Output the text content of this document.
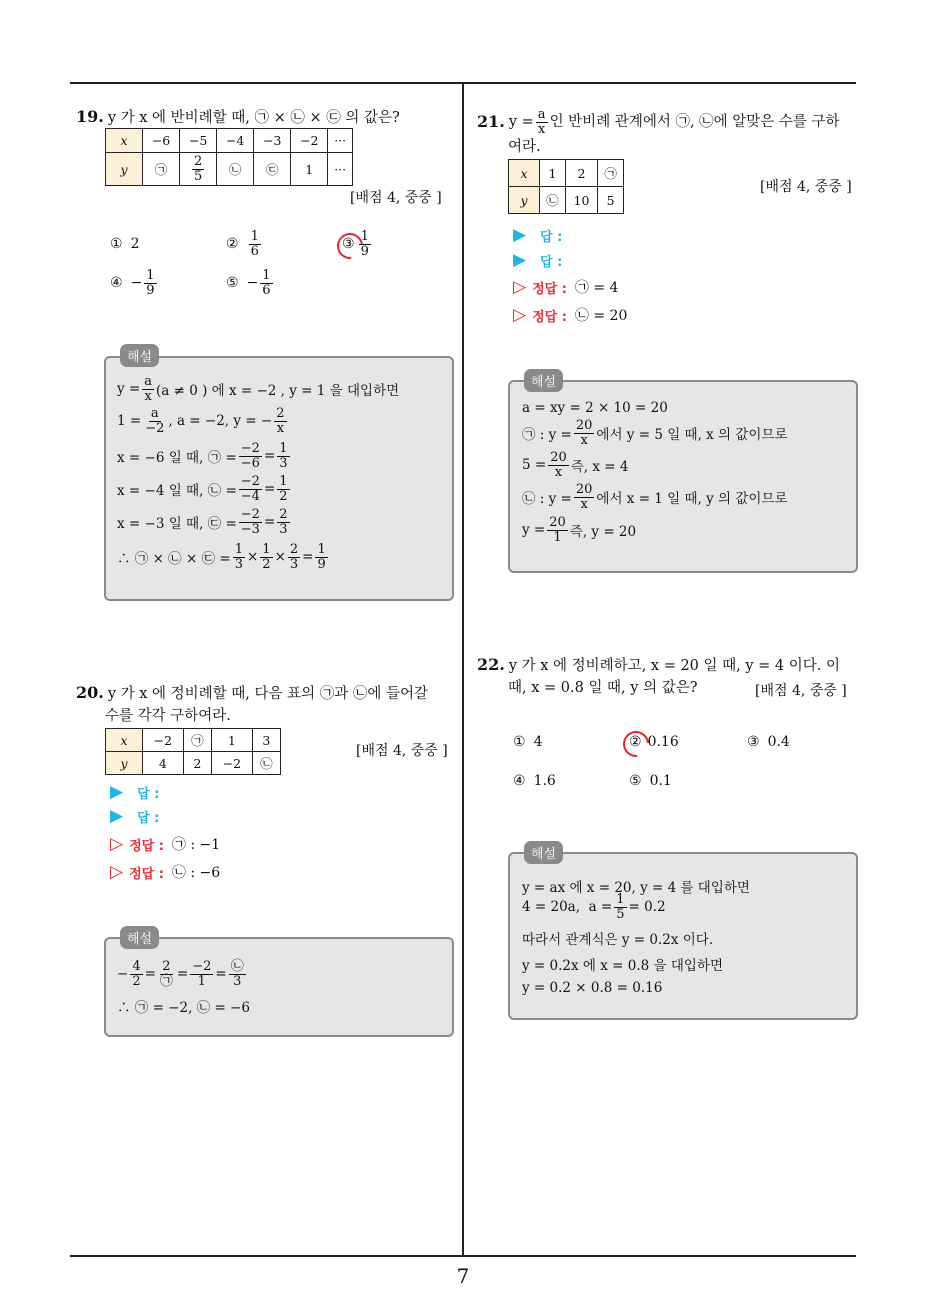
7
19. y 가 x 에 반비례할 때, ㉠ × ㉡ × ㉢ 의 값은?
x	−6	−5	−4	−3	−2	···
y	㉠	$\frac{2}{5}$	㉡	㉢	1	···
[배점 4, 중중 ]
① 2	② $\frac{1}{6}$	③ $\frac{1}{9}$
④ − $\frac{1}{9}$	⑤ − $\frac{1}{6}$
해설
$y = \frac{a}{x} (a \ne 0$ ) 에 x = −2 , y = 1 을 대입하면
$1 = \frac{a}{-2}$ , a = −2, y = − $\frac{2}{x}$
x = −6 일 때, ㉠ = $\frac{-2}{-6} = \frac{1}{3}$
x = −4 일 때, ㉡ = $\frac{-2}{-4} = \frac{1}{2}$
x = −3 일 때, ㉢ = $\frac{-2}{-3} = \frac{2}{3}$
∴ ㉠ × ㉡ × ㉢ = $\frac{1}{3} \times \frac{1}{2} \times \frac{2}{3} = \frac{1}{9}$
20. y 가 x 에 정비례할 때, 다음 표의 ㉠과 ㉡에 들어갈
수를 각각 구하여라.
x	−2	㉠	1	3
y	4	2	−2	㉡
[배점 4, 중중 ]
▶ 답 :
▶ 답 :
▷ 정답 : ㉠ : −1
▷ 정답 : ㉡ : −6
해설
− $\frac{4}{2} = \frac{2}{㉠} = \frac{-2}{1} = \frac{㉡}{3}$
∴ ㉠ = −2, ㉡ = −6
21. $y = \frac{a}{x}$ 인 반비례 관계에서 ㉠, ㉡에 알맞은 수를 구하
여라.
x	1	2	㉠
y	㉡	10	5
[배점 4, 중중 ]
▶ 답 :
▶ 답 :
▷ 정답 : ㉠ = 4
▷ 정답 : ㉡ = 20
해설
a = xy = 2 × 10 = 20
㉠ : $y = \frac{20}{x}$ 에서 y = 5 일 때, x 의 값이므로
$5 = \frac{20}{x}$ 즉, x = 4
㉡ : $y = \frac{20}{x}$ 에서 x = 1 일 때, y 의 값이므로
$y = \frac{20}{1}$ 즉, y = 20
22. y 가 x 에 정비례하고, x = 20 일 때, y = 4 이다. 이
때, x = 0.8 일 때, y 의 값은?	[배점 4, 중중 ]
① 4	② 0.16	③ 0.4
④ 1.6	⑤ 0.1
해설
y = ax 에 x = 20, y = 4 를 대입하면
4 = 20a,  $a = \frac{1}{5} = 0.2$
따라서 관계식은 y = 0.2x 이다.
y = 0.2x 에 x = 0.8 을 대입하면
y = 0.2 × 0.8 = 0.16
